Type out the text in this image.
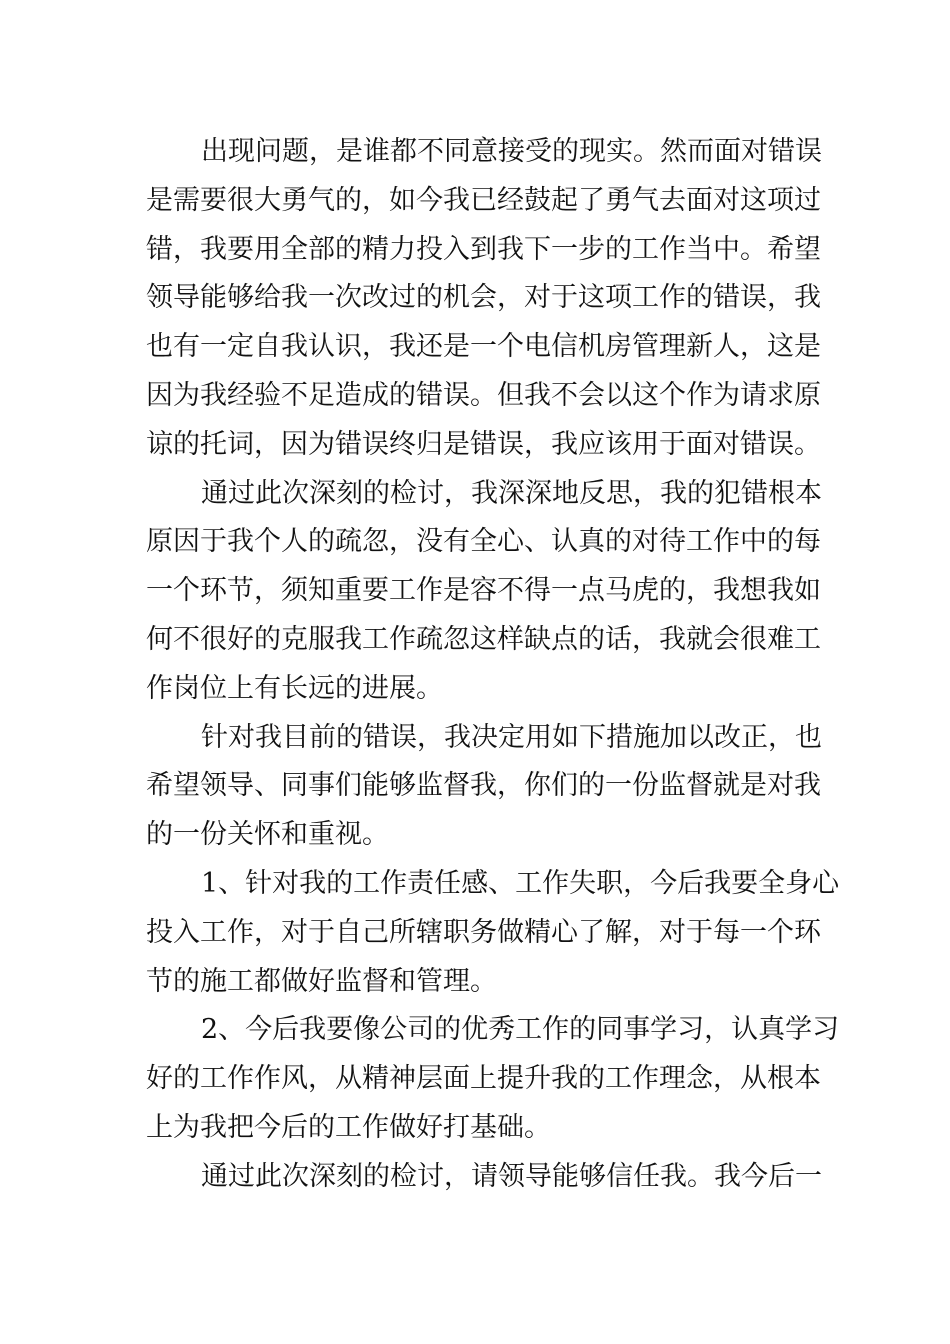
出现问题，是谁都不同意接受的现实。然而面对错误
是需要很大勇气的，如今我已经鼓起了勇气去面对这项过
错，我要用全部的精力投入到我下一步的工作当中。希望
领导能够给我一次改过的机会，对于这项工作的错误，我
也有一定自我认识，我还是一个电信机房管理新人，这是
因为我经验不足造成的错误。但我不会以这个作为请求原
谅的托词，因为错误终归是错误，我应该用于面对错误。
通过此次深刻的检讨，我深深地反思，我的犯错根本
原因于我个人的疏忽，没有全心、认真的对待工作中的每
一个环节，须知重要工作是容不得一点马虎的，我想我如
何不很好的克服我工作疏忽这样缺点的话，我就会很难工
作岗位上有长远的进展。
针对我目前的错误，我决定用如下措施加以改正，也
希望领导、同事们能够监督我，你们的一份监督就是对我
的一份关怀和重视。
1、针对我的工作责任感、工作失职，今后我要全身心
投入工作，对于自己所辖职务做精心了解，对于每一个环
节的施工都做好监督和管理。
2、今后我要像公司的优秀工作的同事学习，认真学习
好的工作作风，从精神层面上提升我的工作理念，从根本
上为我把今后的工作做好打基础。
通过此次深刻的检讨，请领导能够信任我。我今后一
